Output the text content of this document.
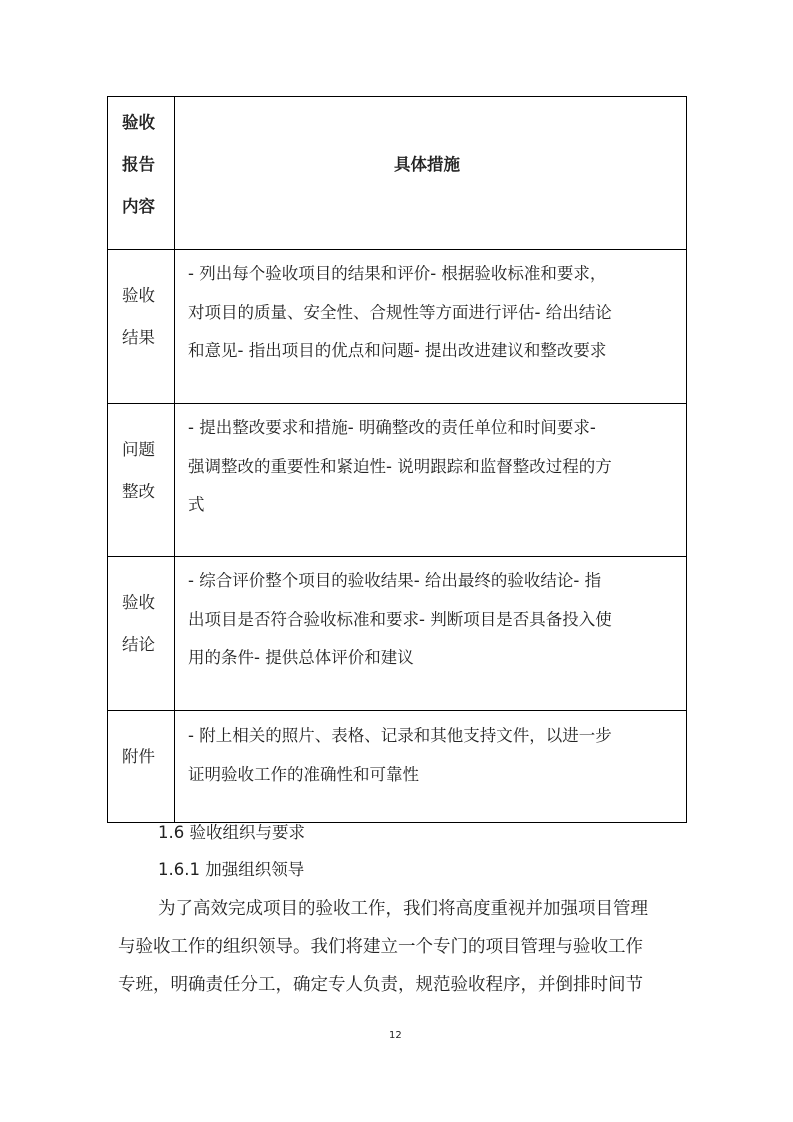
验收
报告
内容
具体措施
验收
结果
- 列出每个验收项目的结果和评价- 根据验收标准和要求，
对项目的质量、安全性、合规性等方面进行评估- 给出结论
和意见- 指出项目的优点和问题- 提出改进建议和整改要求
问题
整改
- 提出整改要求和措施- 明确整改的责任单位和时间要求-
强调整改的重要性和紧迫性- 说明跟踪和监督整改过程的方
式
验收
结论
- 综合评价整个项目的验收结果- 给出最终的验收结论- 指
出项目是否符合验收标准和要求- 判断项目是否具备投入使
用的条件- 提供总体评价和建议
附件
- 附上相关的照片、表格、记录和其他支持文件，以进一步
证明验收工作的准确性和可靠性
1.6 验收组织与要求
1.6.1 加强组织领导
为了高效完成项目的验收工作，我们将高度重视并加强项目管理
与验收工作的组织领导。我们将建立一个专门的项目管理与验收工作
专班，明确责任分工，确定专人负责，规范验收程序，并倒排时间节
12
